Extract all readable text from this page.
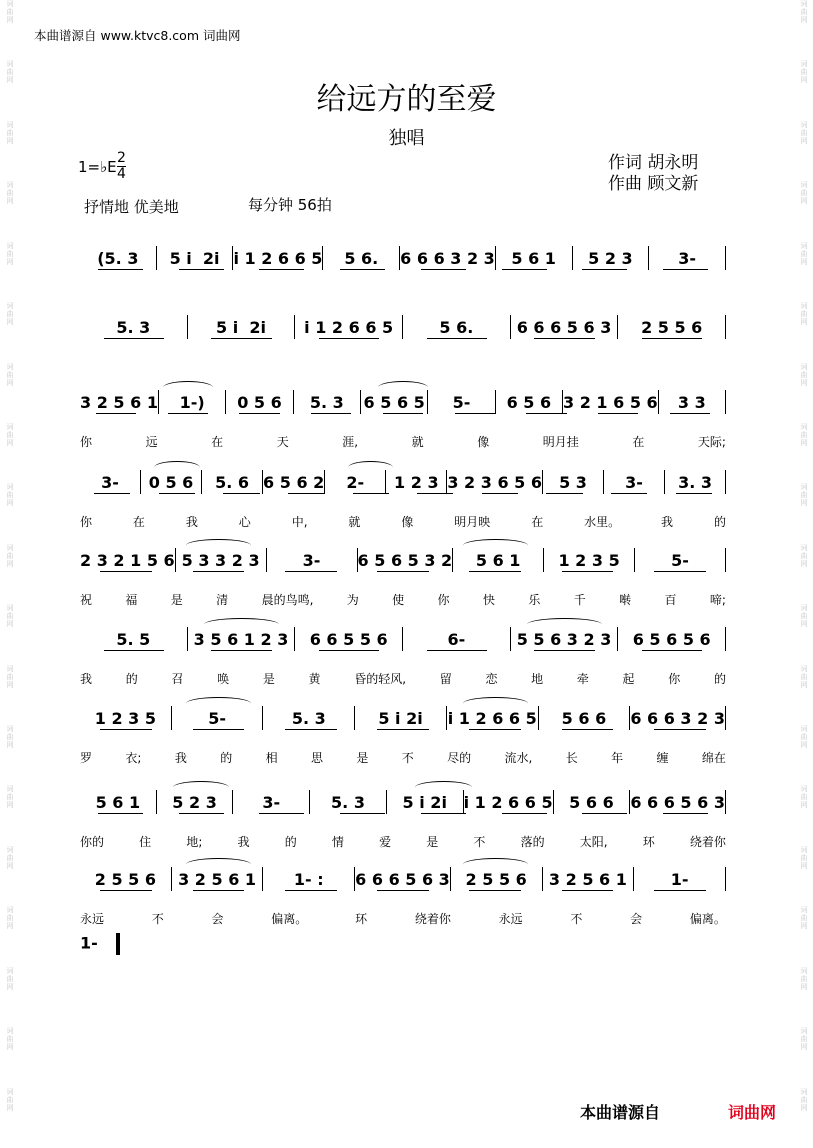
词
曲
网
词
曲
网
词
曲
网
词
曲
网
词
曲
网
词
曲
网
词
曲
网
词
曲
网
词
曲
网
词
曲
网
词
曲
网
词
曲
网
词
曲
网
词
曲
网
词
曲
网
词
曲
网
词
曲
网
词
曲
网
词
曲
网
词
曲
网
词
曲
网
词
曲
网
词
曲
网
词
曲
网
词
曲
网
词
曲
网
词
曲
网
词
曲
网
词
曲
网
词
曲
网
词
曲
网
词
曲
网
词
曲
网
词
曲
网
词
曲
网
词
曲
网
词
曲
网
词
曲
网
本曲谱源自 www.ktvc8.com 词曲网
给远方的至爱
独唱
1=♭E 2
4
作词 胡永明
作曲 顾文新
抒情地 优美地	每分钟 56拍
(5. 3	5 i  2i i 1 2 6 6 5	5 6.	6 6 6 3 2 3	5 6 1	5 2 3	3-
5. 3	5 i  2i	i 1 2 6 6 5	5 6.	6 6 6 5 6 3	2 5 5 6
3 2 5 6 1	1-)	0 5 6	5. 3	6 5 6 5	5-	6 5 6 3 2 1 6 5 6	3 3
你	远	在	天	涯,	就	像	明月挂	在	天际;
3-	0 5 6	5. 6 6 5 6 2	2-	1 2 3 3 2 3 6 5 6	5 3	3-	3. 3
你	在	我	心	中,	就	像	明月映	在	水里。	我	的
2 3 2 1 5 6 5 3 3 2 3	3-	6 5 6 5 3 2	5 6 1	1 2 3 5	5-
祝	福	是	清	晨的鸟鸣,	为	使	你	快	乐	千	啭	百	啼;
5. 5	3 5 6 1 2 3	6 6 5 5 6	6-	5 5 6 3 2 3	6 5 6 5 6
我	的	召	唤	是	黄	昏的轻风,	留	恋	地	牵	起	你	的
1 2 3 5	5-	5. 3	5 i 2i	i 1 2 6 6 5	5 6 6	6 6 6 3 2 3
罗	衣;	我	的	相	思	是	不	尽的	流水,	长	年	缠	绵在
5 6 1	5 2 3	3-	5. 3	5 i 2i	i 1 2 6 6 5	5 6 6	6 6 6 5 6 3
你的	住	地;	我	的	情	爱	是	不	落的	太阳,	环	绕着你
2 5 5 6	3 2 5 6 1	1- :	6 6 6 5 6 3 2 5 5 6	3 2 5 6 1	1-
永远	不	会	偏离。	环	绕着你	永远	不	会	偏离。
1-
本曲谱源自	词曲网
